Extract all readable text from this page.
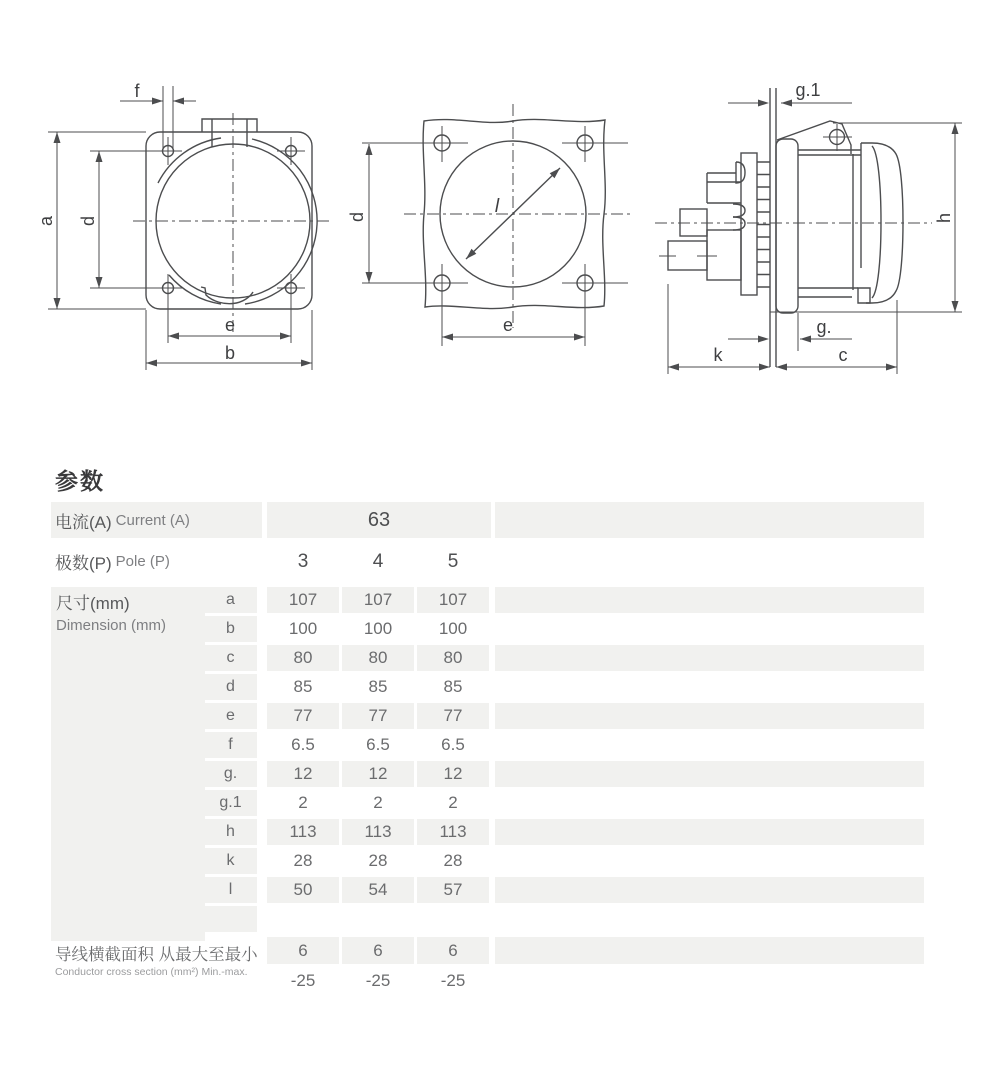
f
a d
e
b
d	l
e
g.1
h
g.
k	c
参数
电流(A) Current (A)	63
极数(P) Pole (P)	3	4	5
尺寸(mm)
Dimension (mm)
a	107	107	107
b	100	100	100
c	80	80	80
d	85	85	85
e	77	77	77
f	6.5	6.5	6.5
g.	12	12	12
g.1	2	2	2
h	113	113	113
k	28	28	28
l	50	54	57
导线横截面积 从最大至最小
Conductor cross section (mm²) Min.-max.
6	6	6
-25	-25	-25
